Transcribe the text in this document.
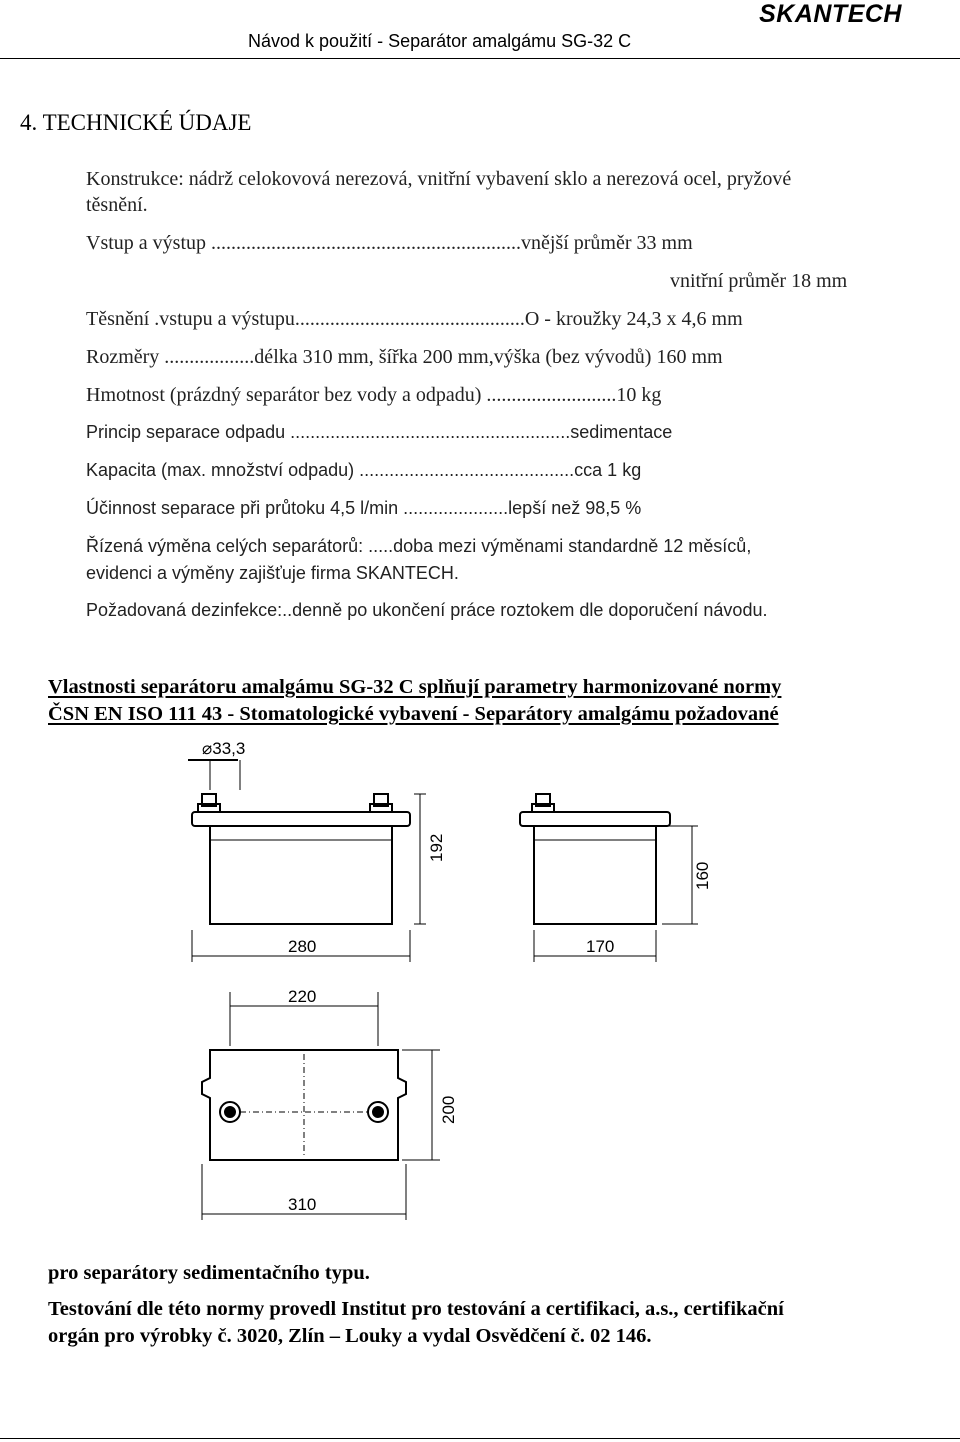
SKANTECH
Návod k použití - Separátor amalgámu SG-32 C
4. TECHNICKÉ ÚDAJE
Konstrukce: nádrž celokovová nerezová, vnitřní vybavení sklo a nerezová ocel, pryžové
těsnění.
Vstup a výstup ..............................................................vnější průměr 33 mm
vnitřní průměr 18 mm
Těsnění .vstupu a výstupu..............................................O - kroužky 24,3 x 4,6 mm
Rozměry ..................délka 310 mm, šířka 200 mm,výška (bez vývodů) 160 mm
Hmotnost (prázdný separátor bez vody a odpadu) ..........................10 kg
Princip separace odpadu ........................................................sedimentace
Kapacita (max. množství odpadu) ...........................................cca 1 kg
Účinnost separace při průtoku 4,5 l/min .....................lepší než 98,5 %
Řízená výměna celých separátorů: .....doba mezi výměnami standardně 12 měsíců,
evidenci a výměny zajišťuje firma SKANTECH.
Požadovaná dezinfekce:..denně po ukončení práce roztokem dle doporučení návodu.
Vlastnosti separátoru amalgámu SG-32 C splňují parametry harmonizované normy
ČSN EN ISO 111 43 - Stomatologické vybavení - Separátory amalgámu požadované
⌀33,3
192
280	170
160
220
200
310
pro separátory sedimentačního typu.
Testování dle této normy provedl Institut pro testování a certifikaci, a.s., certifikační
orgán pro výrobky č. 3020, Zlín – Louky a vydal Osvědčení č. 02 146.
